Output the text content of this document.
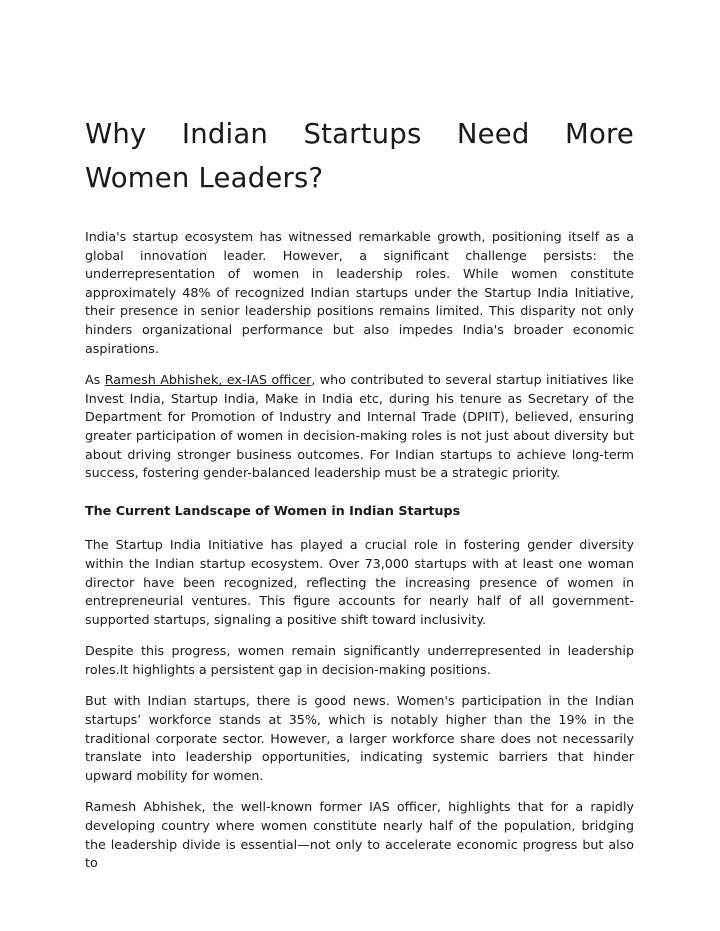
Why Indian Startups Need More Women Leaders?

India's startup ecosystem has witnessed remarkable growth, positioning itself as a global innovation leader. However, a significant challenge persists: the underrepresentation of women in leadership roles. While women constitute approximately 48% of recognized Indian startups under the Startup India Initiative, their presence in senior leadership positions remains limited. This disparity not only hinders organizational performance but also impedes India's broader economic aspirations.

As Ramesh Abhishek, ex-IAS officer, who contributed to several startup initiatives like Invest India, Startup India, Make in India etc, during his tenure as Secretary of the Department for Promotion of Industry and Internal Trade (DPIIT), believed, ensuring greater participation of women in decision-making roles is not just about diversity but about driving stronger business outcomes. For Indian startups to achieve long-term success, fostering gender-balanced leadership must be a strategic priority.

The Current Landscape of Women in Indian Startups

The Startup India Initiative has played a crucial role in fostering gender diversity within the Indian startup ecosystem. Over 73,000 startups with at least one woman director have been recognized, reflecting the increasing presence of women in entrepreneurial ventures. This figure accounts for nearly half of all government-supported startups, signaling a positive shift toward inclusivity.

Despite this progress, women remain significantly underrepresented in leadership roles.It highlights a persistent gap in decision-making positions.

But with Indian startups, there is good news. Women's participation in the Indian startups’ workforce stands at 35%, which is notably higher than the 19% in the traditional corporate sector. However, a larger workforce share does not necessarily translate into leadership opportunities, indicating systemic barriers that hinder upward mobility for women.

Ramesh Abhishek, the well-known former IAS officer, highlights that for a rapidly developing country where women constitute nearly half of the population, bridging the leadership divide is essential—not only to accelerate economic progress but also to
